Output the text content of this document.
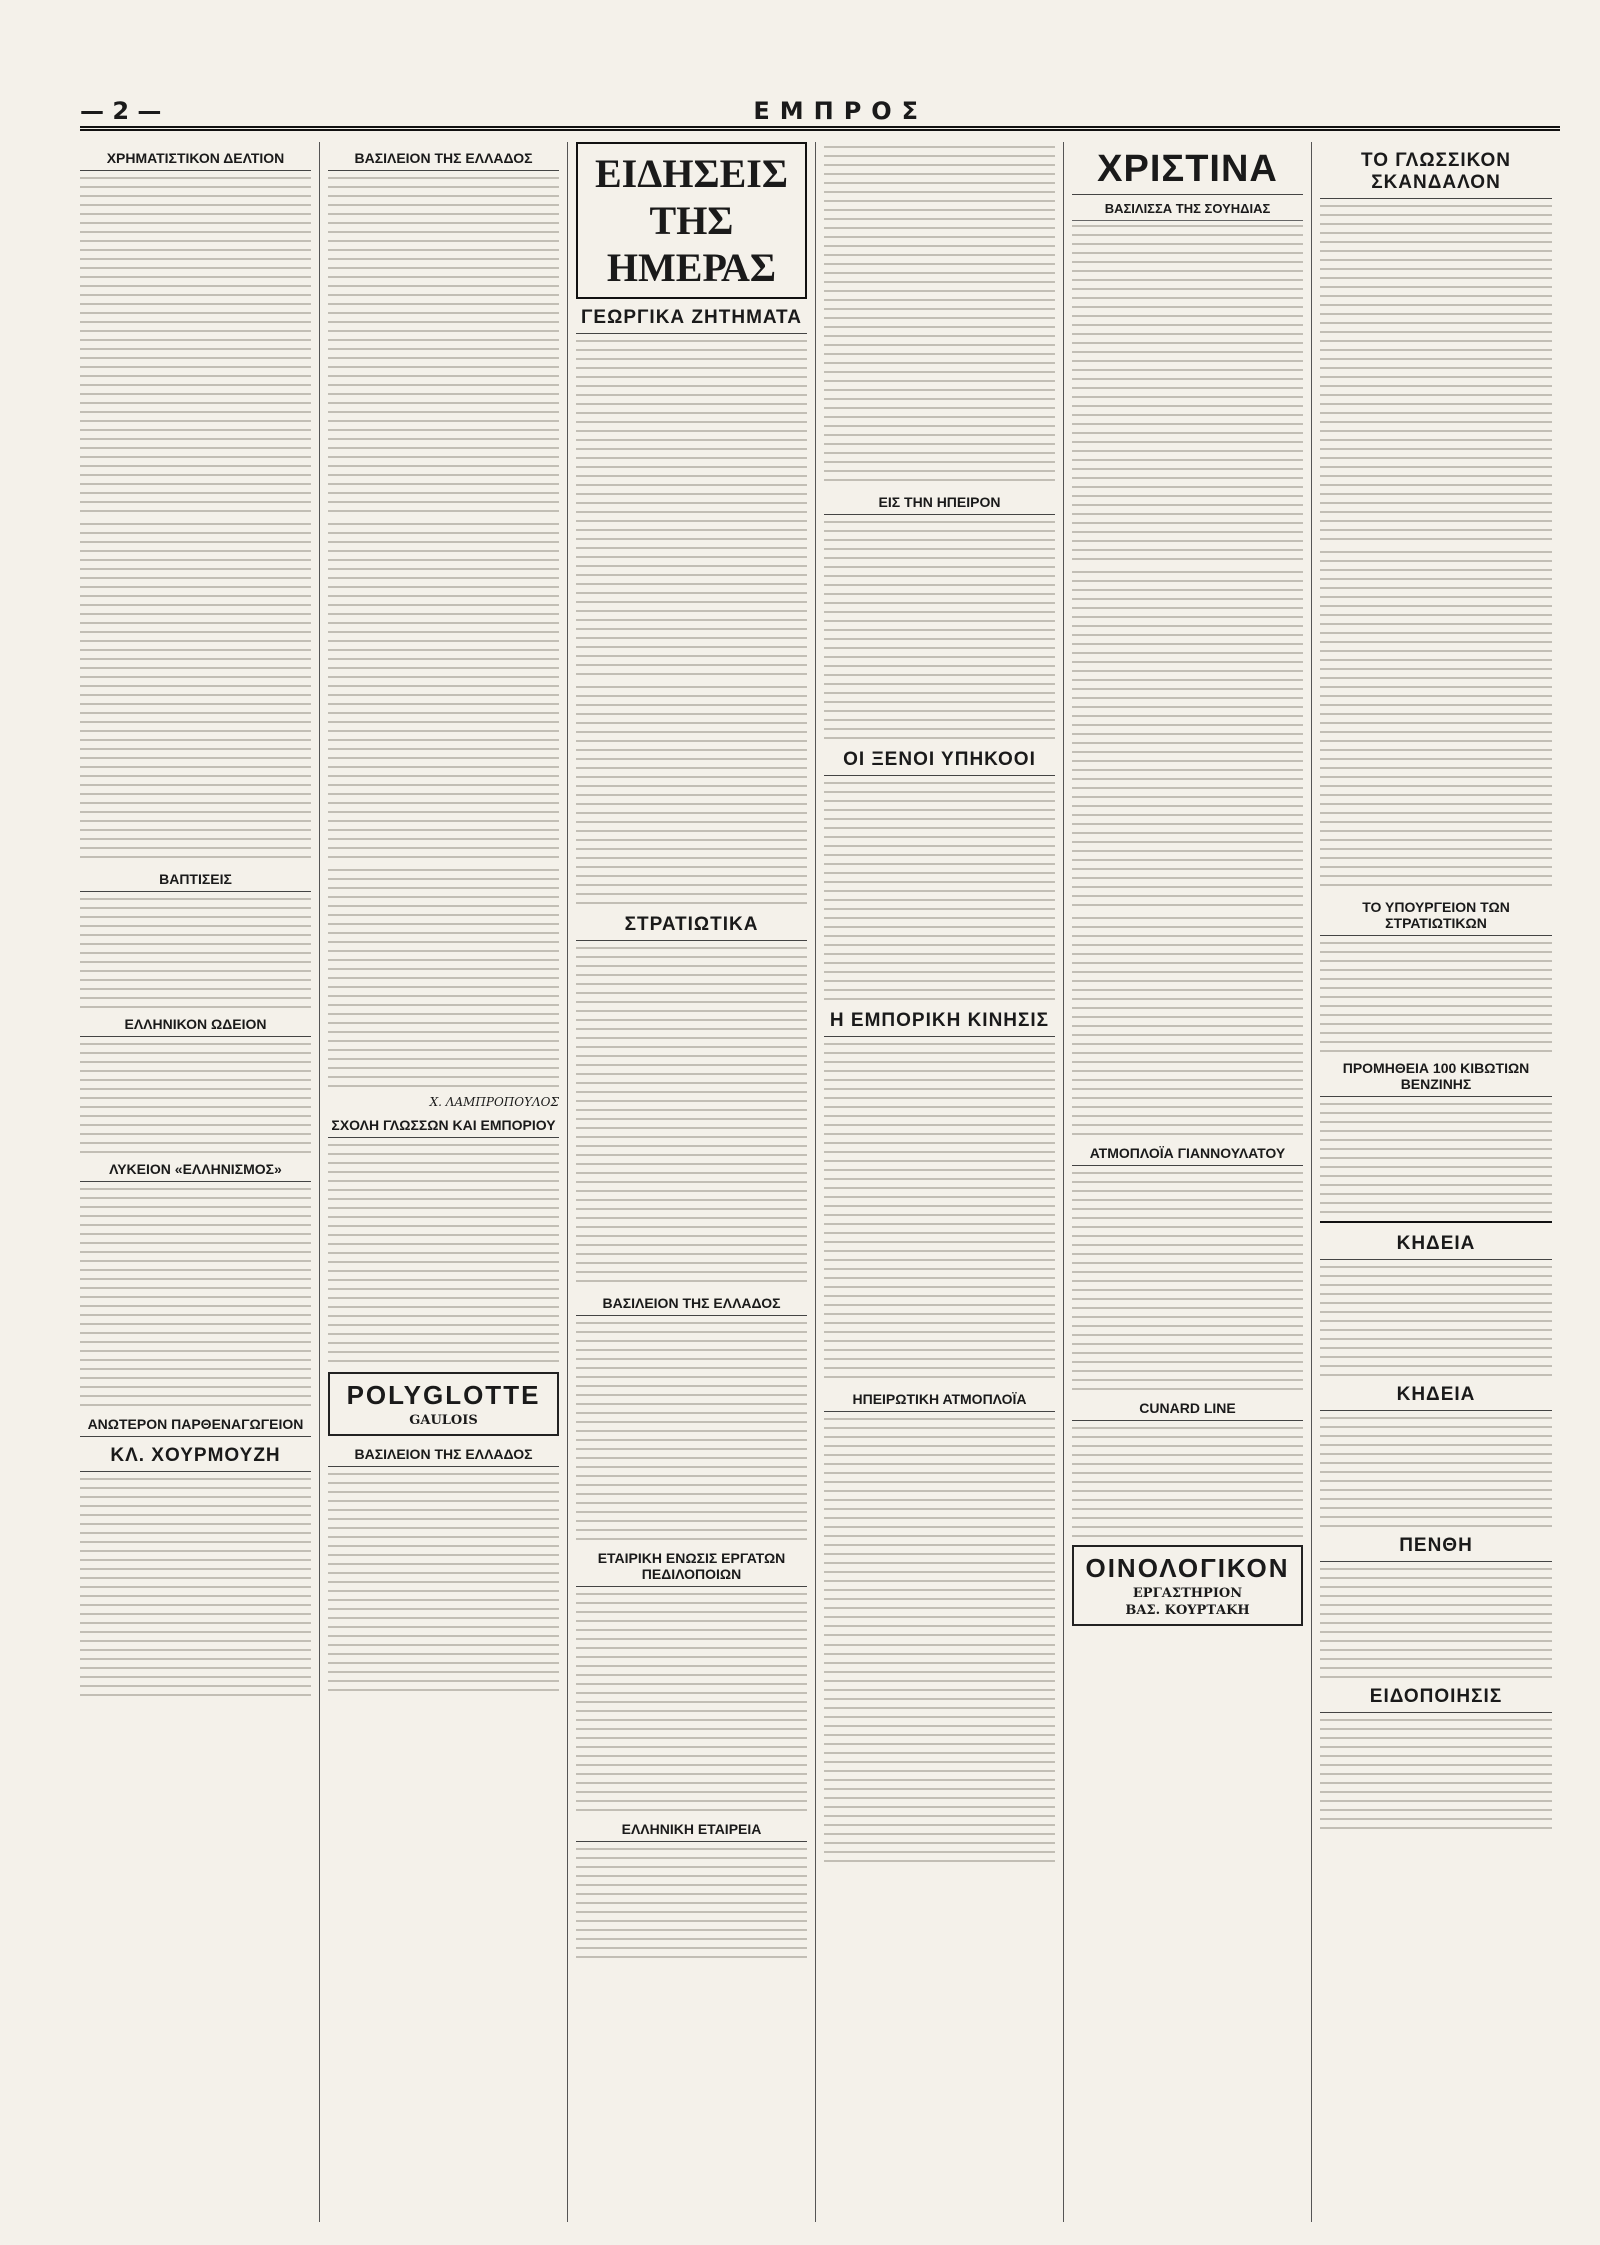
— 2 —	ΕΜΠΡΟΣ
ΧΡΗΜΑΤΙΣΤΙΚΟΝ ΔΕΛΤΙΟΝ
ΒΑΠΤΙΣΕΙΣ
ΕΛΛΗΝΙΚΟΝ ΩΔΕΙΟΝ
ΛΥΚΕΙΟΝ «ΕΛΛΗΝΙΣΜΟΣ»
ΑΝΩΤΕΡΟΝ ΠΑΡΘΕΝΑΓΩΓΕΙΟΝ
ΚΛ. ΧΟΥΡΜΟΥΖΗ
ΒΑΣΙΛΕΙΟΝ ΤΗΣ ΕΛΛΑΔΟΣ
Χ. ΛΑΜΠΡΟΠΟΥΛΟΣ
ΣΧΟΛΗ ΓΛΩΣΣΩΝ ΚΑΙ ΕΜΠΟΡΙΟΥ
POLYGLOTTE
GAULOIS
ΒΑΣΙΛΕΙΟΝ ΤΗΣ ΕΛΛΑΔΟΣ
ΕΙΔΗΣΕΙΣ ΤΗΣ ΗΜΕΡΑΣ
ΓΕΩΡΓΙΚΑ ΖΗΤΗΜΑΤΑ
ΣΤΡΑΤΙΩΤΙΚΑ
ΒΑΣΙΛΕΙΟΝ ΤΗΣ ΕΛΛΑΔΟΣ
ΕΤΑΙΡΙΚΗ ΕΝΩΣΙΣ ΕΡΓΑΤΩΝ ΠΕΔΙΛΟΠΟΙΩΝ
ΕΛΛΗΝΙΚΗ ΕΤΑΙΡΕΙΑ
ΕΙΣ ΤΗΝ ΗΠΕΙΡΟΝ
ΟΙ ΞΕΝΟΙ ΥΠΗΚΟΟΙ
Η ΕΜΠΟΡΙΚΗ ΚΙΝΗΣΙΣ
ΗΠΕΙΡΩΤΙΚΗ ΑΤΜΟΠΛΟΪΑ
ΧΡΙΣΤΙΝΑ
ΒΑΣΙΛΙΣΣΑ ΤΗΣ ΣΟΥΗΔΙΑΣ
ΑΤΜΟΠΛΟΪΑ ΓΙΑΝΝΟΥΛΑΤΟΥ
CUNARD LINE
ΟΙΝΟΛΟΓΙΚΟΝ
ΕΡΓΑΣΤΗΡΙΟΝ
ΒΑΣ. ΚΟΥΡΤΑΚΗ
ΤΟ ΓΛΩΣΣΙΚΟΝ ΣΚΑΝΔΑΛΟΝ
ΤΟ ΥΠΟΥΡΓΕΙΟΝ ΤΩΝ ΣΤΡΑΤΙΩΤΙΚΩΝ
ΠΡΟΜΗΘΕΙΑ 100 ΚΙΒΩΤΙΩΝ ΒΕΝΖΙΝΗΣ
ΚΗΔΕΙΑ
ΚΗΔΕΙΑ
ΠΕΝΘΗ
ΕΙΔΟΠΟΙΗΣΙΣ
